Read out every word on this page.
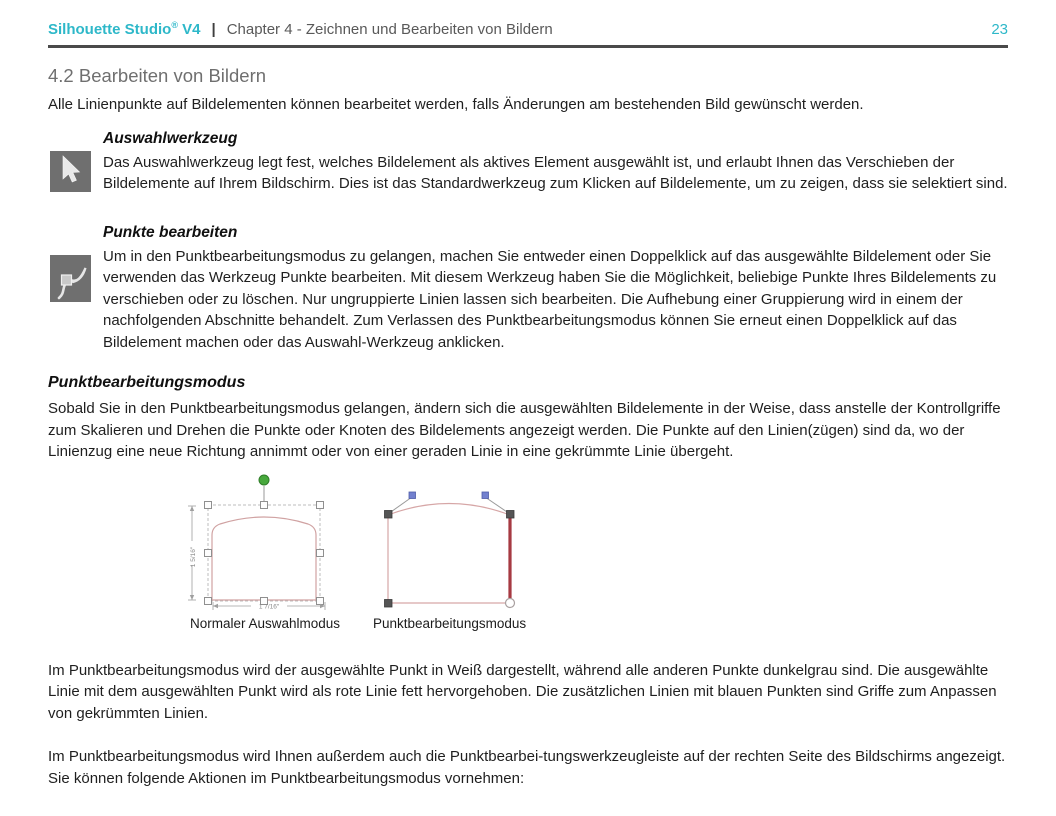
Silhouette Studio® V4 | Chapter 4 - Zeichnen und Bearbeiten von Bildern	23
4.2 Bearbeiten von Bildern
Alle Linienpunkte auf Bildelementen können bearbeitet werden, falls Änderungen am bestehenden Bild gewünscht werden.
Auswahlwerkzeug
Das Auswahlwerkzeug legt fest, welches Bildelement als aktives Element ausgewählt ist, und erlaubt Ihnen das Verschieben der Bildelemente auf Ihrem Bildschirm. Dies ist das Standardwerkzeug zum Klicken auf Bildelemente, um zu zeigen, dass sie selektiert sind.
Punkte bearbeiten
Um in den Punktbearbeitungsmodus zu gelangen, machen Sie entweder einen Doppelklick auf das ausgewählte Bildelement oder Sie verwenden das Werkzeug Punkte bearbeiten. Mit diesem Werkzeug haben Sie die Möglichkeit, beliebige Punkte Ihres Bildelements zu verschieben oder zu löschen. Nur ungruppierte Linien lassen sich bearbeiten. Die Aufhebung einer Gruppierung wird in einem der nachfolgenden Abschnitte behandelt. Zum Verlassen des Punktbearbeitungsmodus können Sie erneut einen Doppelklick auf das Bildelement machen oder das Auswahl-Werkzeug anklicken.
Punktbearbeitungsmodus
Sobald Sie in den Punktbearbeitungsmodus gelangen, ändern sich die ausgewählten Bildelemente in der Weise, dass anstelle der Kontrollgriffe zum Skalieren und Drehen die Punkte oder Knoten des Bildelements angezeigt werden. Die Punkte auf den Linien(zügen) sind da, wo der Linienzug eine neue Richtung annimmt oder von einer geraden Linie in eine gekrümmte Linie übergeht.
1 5/16″
1 7/16″
Normaler Auswahlmodus Punktbearbeitungsmodus
Im Punktbearbeitungsmodus wird der ausgewählte Punkt in Weiß dargestellt, während alle anderen Punkte dunkelgrau sind. Die ausgewählte Linie mit dem ausgewählten Punkt wird als rote Linie fett hervorgehoben. Die zusätzlichen Linien mit blauen Punkten sind Griffe zum Anpassen von gekrümmten Linien.
Im Punktbearbeitungsmodus wird Ihnen außerdem auch die Punktbearbei-tungswerkzeugleiste auf der rechten Seite des Bildschirms angezeigt. Sie können folgende Aktionen im Punktbearbeitungsmodus vornehmen:
